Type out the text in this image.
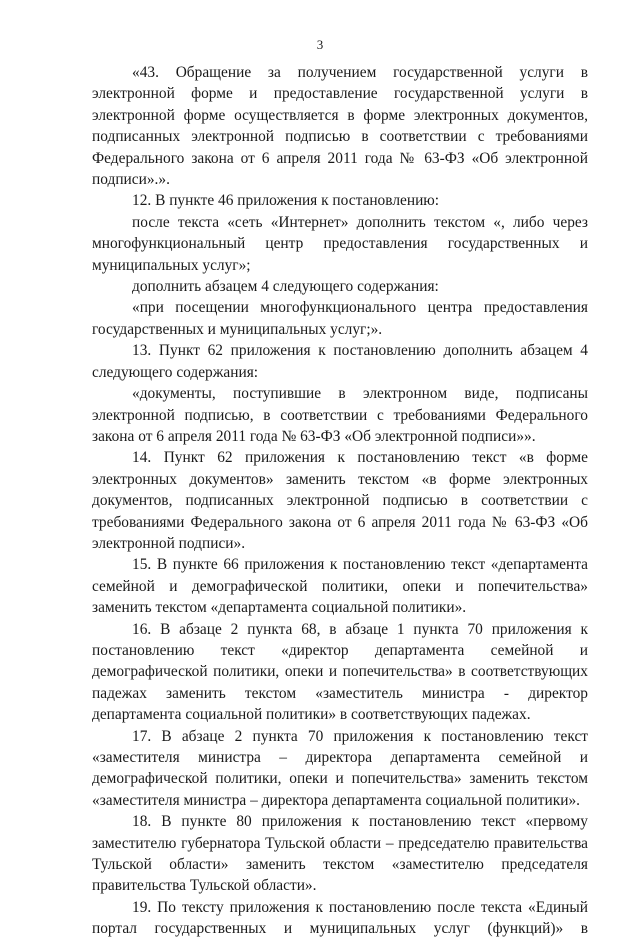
3

«43. Обращение за получением государственной услуги в электронной форме и предоставление государственной услуги в электронной форме осуществляется в форме электронных документов, подписанных электронной подписью в соответствии с требованиями Федерального закона от 6 апреля 2011 года № 63-ФЗ «Об электронной подписи».».

12. В пункте 46 приложения к постановлению:

после текста «сеть «Интернет» дополнить текстом «, либо через многофункциональный центр предоставления государственных и муниципальных услуг»;

дополнить абзацем 4 следующего содержания:

«при посещении многофункционального центра предоставления государственных и муниципальных услуг;».

13. Пункт 62 приложения к постановлению дополнить абзацем 4 следующего содержания:

«документы, поступившие в электронном виде, подписаны электронной подписью, в соответствии с требованиями Федерального закона от 6 апреля 2011 года № 63-ФЗ «Об электронной подписи»».

14. Пункт 62 приложения к постановлению текст «в форме электронных документов» заменить текстом «в форме электронных документов, подписанных электронной подписью в соответствии с требованиями Федерального закона от 6 апреля 2011 года № 63-ФЗ «Об электронной подписи».

15. В пункте 66 приложения к постановлению текст «департамента семейной и демографической политики, опеки и попечительства» заменить текстом «департамента социальной политики».

16. В абзаце 2 пункта 68, в абзаце 1 пункта 70 приложения к постановлению текст «директор департамента семейной и демографической политики, опеки и попечительства» в соответствующих падежах заменить текстом «заместитель министра - директор департамента социальной политики» в соответствующих падежах.

17. В абзаце 2 пункта 70 приложения к постановлению текст «заместителя министра – директора департамента семейной и демографической политики, опеки и попечительства» заменить текстом «заместителя министра – директора департамента социальной политики».

18. В пункте 80 приложения к постановлению текст «первому заместителю губернатора Тульской области – председателю правительства Тульской области» заменить текстом «заместителю председателя правительства Тульской области».

19. По тексту приложения к постановлению после текста «Единый портал государственных и муниципальных услуг (функций)» в
